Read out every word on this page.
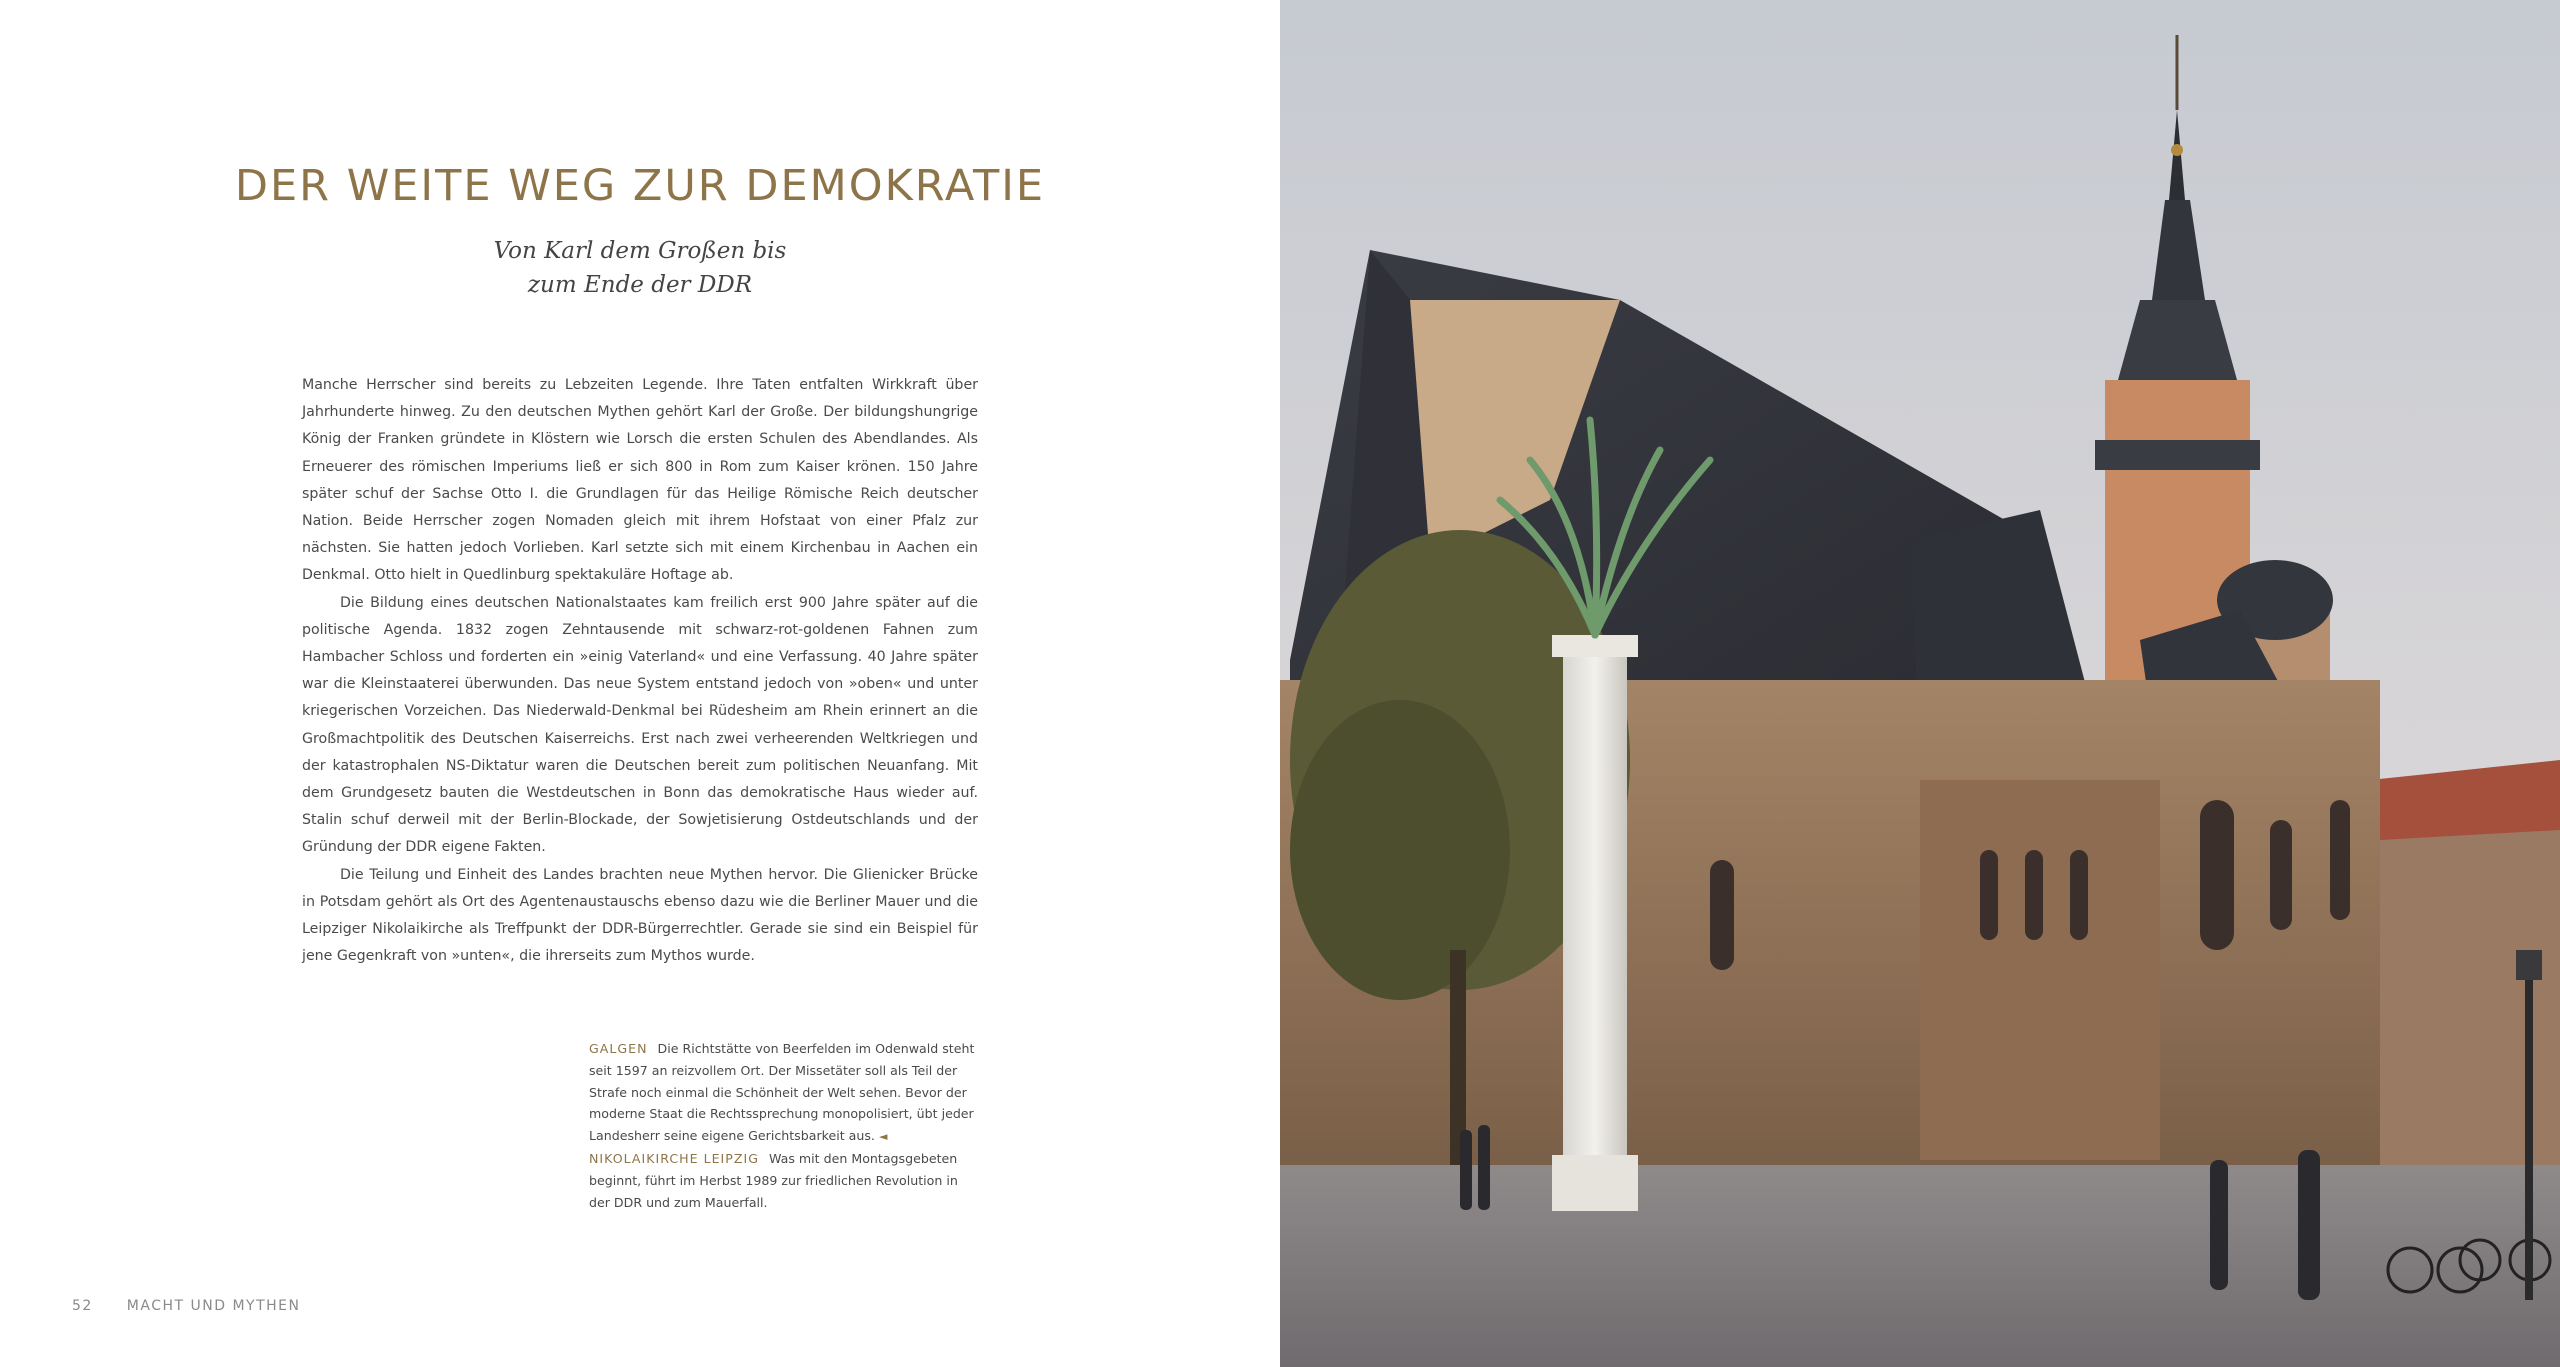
DER WEITE WEG ZUR DEMOKRATIE
Von Karl dem Großen bis
zum Ende der DDR

Manche Herrscher sind bereits zu Lebzeiten Legende. Ihre Taten entfalten Wirkkraft über Jahrhunderte hinweg. Zu den deutschen Mythen gehört Karl der Große. Der bildungshungrige König der Franken gründete in Klöstern wie Lorsch die ersten Schulen des Abendlandes. Als Erneuerer des römischen Imperiums ließ er sich 800 in Rom zum Kaiser krönen. 150 Jahre später schuf der Sachse Otto I. die Grundlagen für das Heilige Römische Reich deutscher Nation. Beide Herrscher zogen Nomaden gleich mit ihrem Hofstaat von einer Pfalz zur nächsten. Sie hatten jedoch Vorlieben. Karl setzte sich mit einem Kirchenbau in Aachen ein Denkmal. Otto hielt in Quedlinburg spektakuläre Hoftage ab.

Die Bildung eines deutschen Nationalstaates kam freilich erst 900 Jahre später auf die politische Agenda. 1832 zogen Zehntausende mit schwarz-rot-goldenen Fahnen zum Hambacher Schloss und forderten ein »einig Vaterland« und eine Verfassung. 40 Jahre später war die Kleinstaaterei überwunden. Das neue System entstand jedoch von »oben« und unter kriegerischen Vorzeichen. Das Niederwald-Denkmal bei Rüdesheim am Rhein erinnert an die Großmachtpolitik des Deutschen Kaiserreichs. Erst nach zwei verheerenden Weltkriegen und der katastrophalen NS-Diktatur waren die Deutschen bereit zum politischen Neuanfang. Mit dem Grundgesetz bauten die Westdeutschen in Bonn das demokratische Haus wieder auf. Stalin schuf derweil mit der Berlin-Blockade, der Sowjetisierung Ostdeutschlands und der Gründung der DDR eigene Fakten.

Die Teilung und Einheit des Landes brachten neue Mythen hervor. Die Glienicker Brücke in Potsdam gehört als Ort des Agentenaustauschs ebenso dazu wie die Berliner Mauer und die Leipziger Nikolaikirche als Treffpunkt der DDR-Bürgerrechtler. Gerade sie sind ein Beispiel für jene Gegenkraft von »unten«, die ihrerseits zum Mythos wurde.

GALGEN Die Richtstätte von Beerfelden im Odenwald steht seit 1597 an reizvollem Ort. Der Missetäter soll als Teil der Strafe noch einmal die Schönheit der Welt sehen. Bevor der moderne Staat die Rechtssprechung monopolisiert, übt jeder Landesherr seine eigene Gerichtsbarkeit aus. ◄

NIKOLAIKIRCHE LEIPZIG Was mit den Montagsgebeten beginnt, führt im Herbst 1989 zur friedlichen Revolution in der DDR und zum Mauerfall.

52 MACHT UND MYTHEN
